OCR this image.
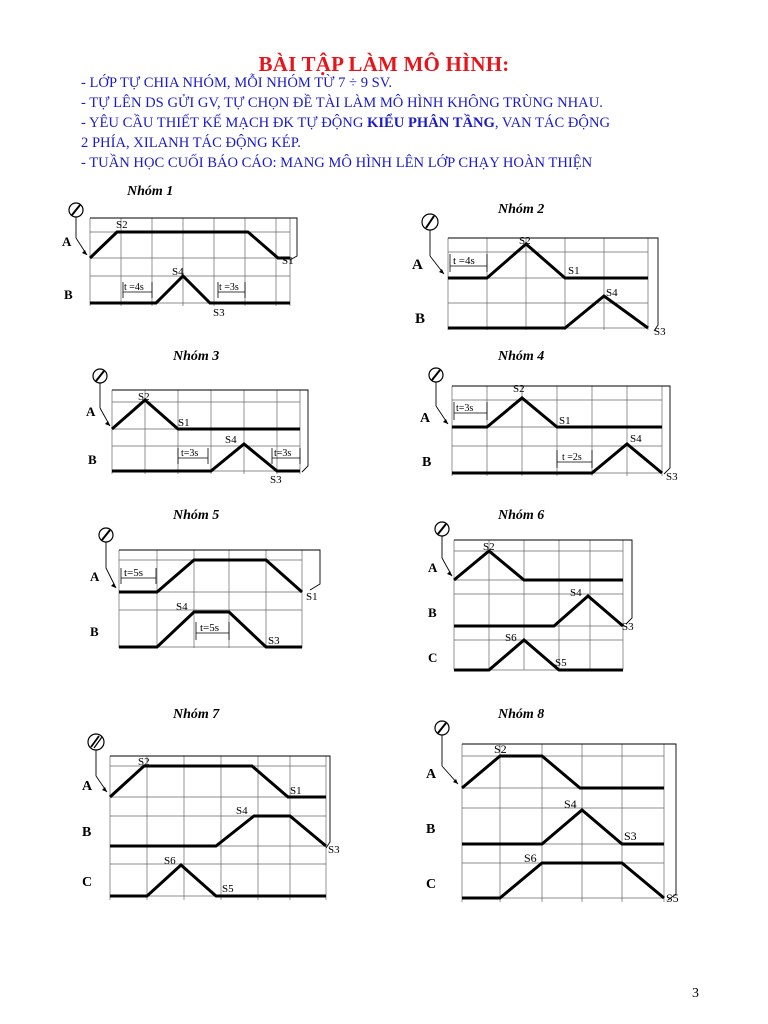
BÀI TẬP LÀM MÔ HÌNH:
- LỚP TỰ CHIA NHÓM, MỖI NHÓM TỪ 7 ÷ 9 SV.
- TỰ LÊN DS GỬI GV, TỰ CHỌN ĐỀ TÀI LÀM MÔ HÌNH KHÔNG TRÙNG NHAU.
- YÊU CẦU THIẾT KẾ MẠCH ĐK TỰ ĐỘNG KIỂU PHÂN TẦNG, VAN TÁC ĐỘNG
2 PHÍA, XILANH TÁC ĐỘNG KÉP.
- TUẦN HỌC CUỐI BÁO CÁO: MANG MÔ HÌNH LÊN LỚP CHẠY HOÀN THIỆN
Nhóm 1
Nhóm 2
Nhóm 3	Nhóm 4
Nhóm 5	Nhóm 6
Nhóm 7	Nhóm 8
A
B	t =4s	t =3s
S2
S1
S4
S3
A
B
t =4s
S2
S1
S4
S3
A
B	t=3s	t=3s
S2
S1
S4
S3
A
B
t=3s
t =2s
S2
S1
S4
S3
A
B
t=5s
t=5s
S1
S4
S3
A
B
C
S2
S4
S3
S6
S5
A
B
C
S2
S1
S4
S3
S6
S5
A
B
C
S2
S4
S3
S6
S5
3
